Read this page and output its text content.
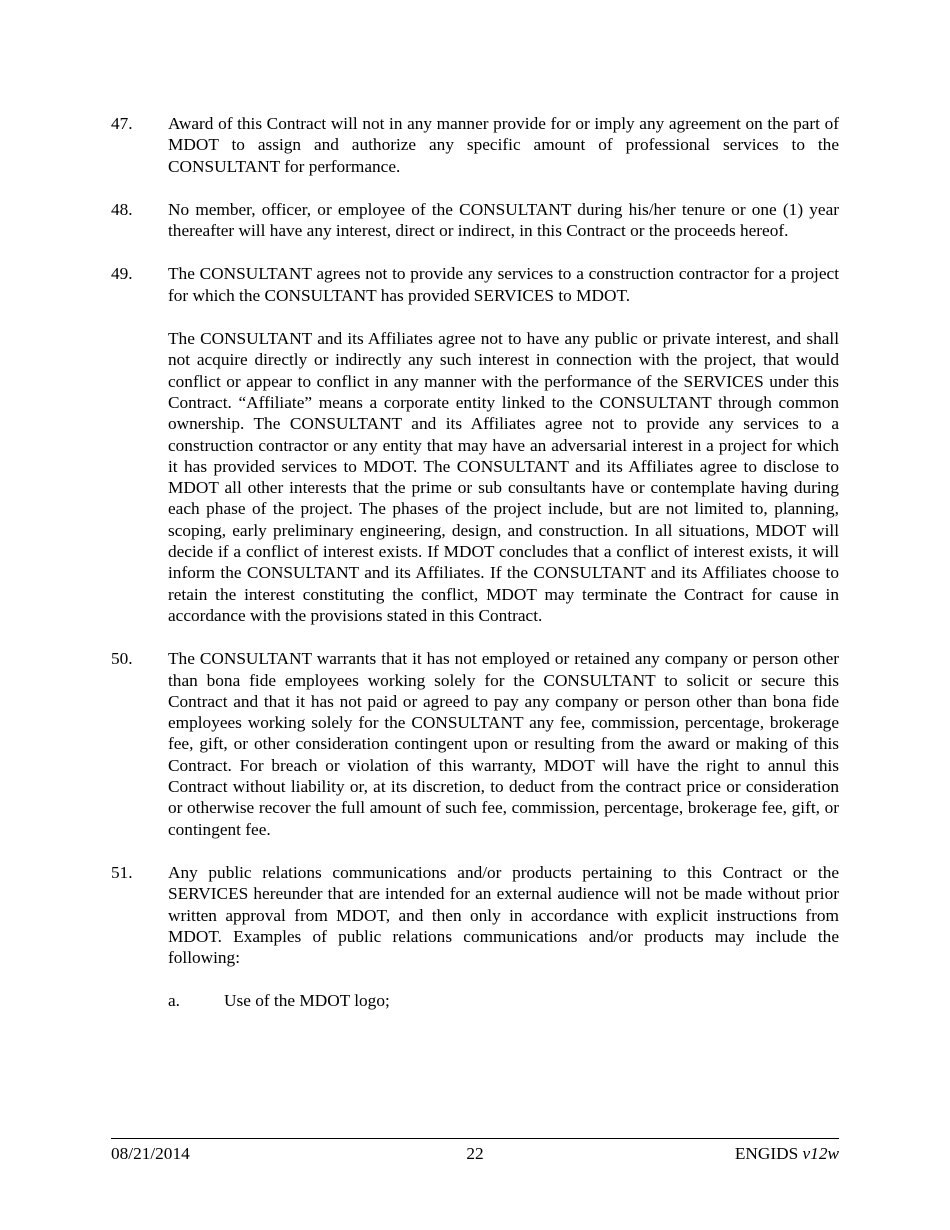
47.	Award of this Contract will not in any manner provide for or imply any agreement on the part of MDOT to assign and authorize any specific amount of professional services to the CONSULTANT for performance.
48.	No member, officer, or employee of the CONSULTANT during his/her tenure or one (1) year thereafter will have any interest, direct or indirect, in this Contract or the proceeds hereof.
49.	The CONSULTANT agrees not to provide any services to a construction contractor for a project for which the CONSULTANT has provided SERVICES to MDOT.
The CONSULTANT and its Affiliates agree not to have any public or private interest, and shall not acquire directly or indirectly any such interest in connection with the project, that would conflict or appear to conflict in any manner with the performance of the SERVICES under this Contract. “Affiliate” means a corporate entity linked to the CONSULTANT through common ownership. The CONSULTANT and its Affiliates agree not to provide any services to a construction contractor or any entity that may have an adversarial interest in a project for which it has provided services to MDOT. The CONSULTANT and its Affiliates agree to disclose to MDOT all other interests that the prime or sub consultants have or contemplate having during each phase of the project. The phases of the project include, but are not limited to, planning, scoping, early preliminary engineering, design, and construction. In all situations, MDOT will decide if a conflict of interest exists. If MDOT concludes that a conflict of interest exists, it will inform the CONSULTANT and its Affiliates. If the CONSULTANT and its Affiliates choose to retain the interest constituting the conflict, MDOT may terminate the Contract for cause in accordance with the provisions stated in this Contract.
50.	The CONSULTANT warrants that it has not employed or retained any company or person other than bona fide employees working solely for the CONSULTANT to solicit or secure this Contract and that it has not paid or agreed to pay any company or person other than bona fide employees working solely for the CONSULTANT any fee, commission, percentage, brokerage fee, gift, or other consideration contingent upon or resulting from the award or making of this Contract. For breach or violation of this warranty, MDOT will have the right to annul this Contract without liability or, at its discretion, to deduct from the contract price or consideration or otherwise recover the full amount of such fee, commission, percentage, brokerage fee, gift, or contingent fee.
51.	Any public relations communications and/or products pertaining to this Contract or the SERVICES hereunder that are intended for an external audience will not be made without prior written approval from MDOT, and then only in accordance with explicit instructions from MDOT. Examples of public relations communications and/or products may include the following:
a.	Use of the MDOT logo;
08/21/2014	22	ENGIDS v12w
